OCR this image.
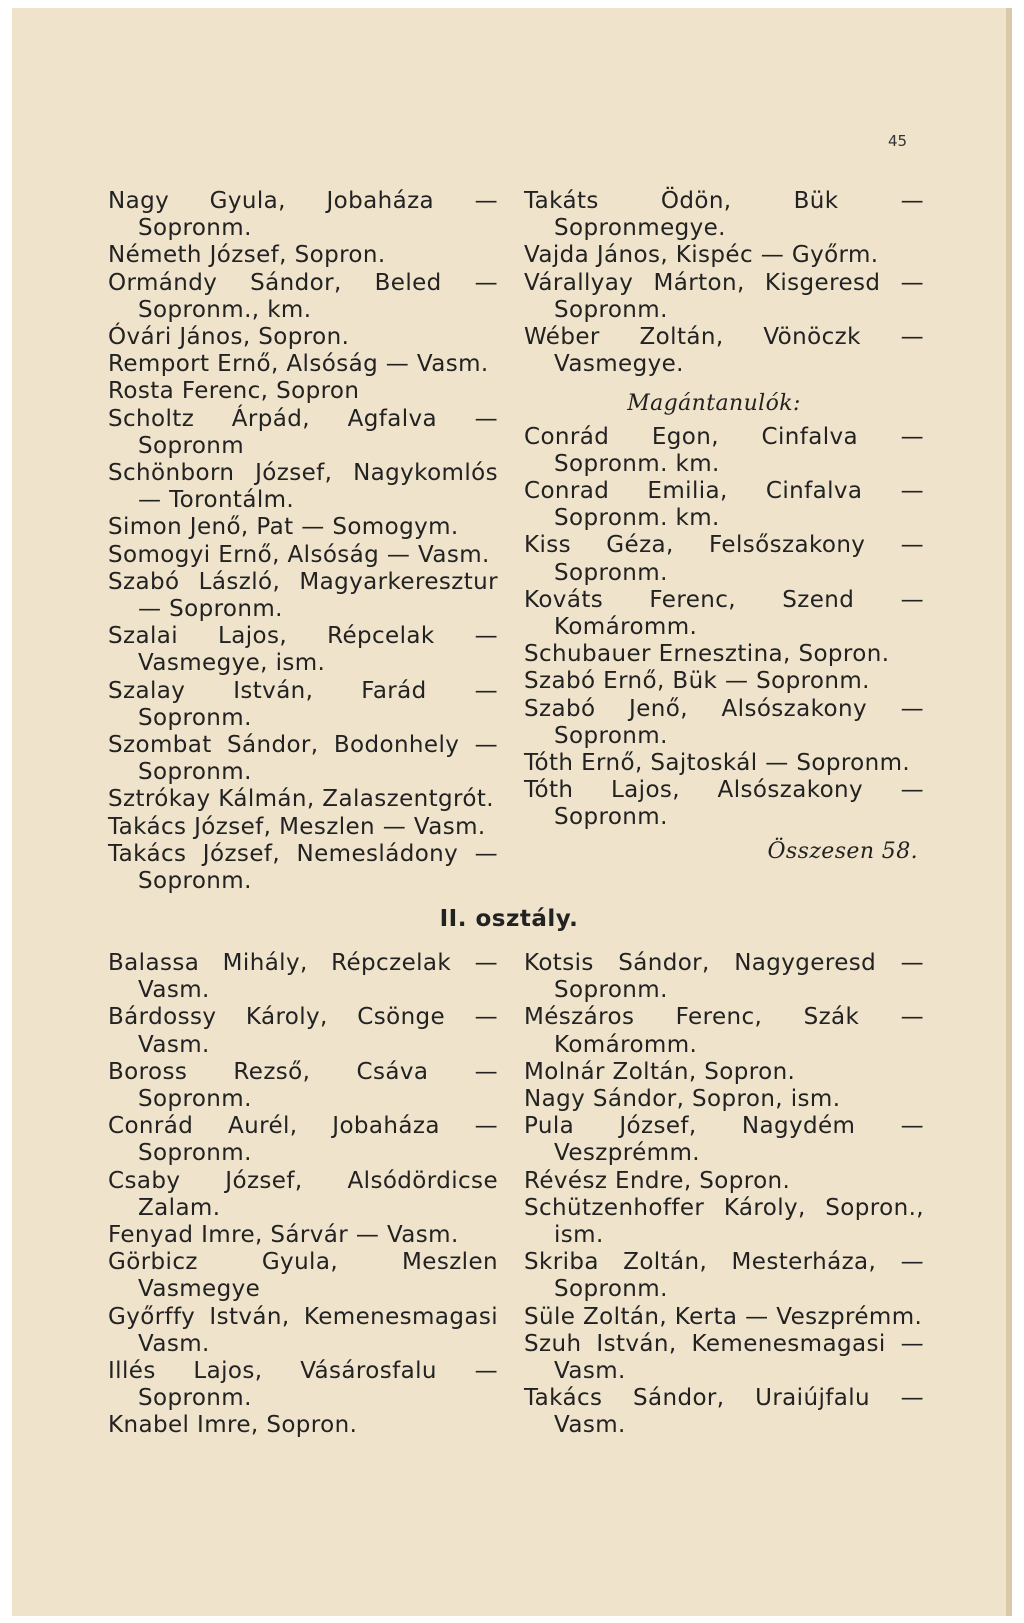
45
Nagy Gyula, Jobaháza — Sopronm.
Németh József, Sopron.
Ormándy Sándor, Beled — Sopronm., km.
Óvári János, Sopron.
Remport Ernő, Alsóság — Vasm.
Rosta Ferenc, Sopron
Scholtz Árpád, Agfalva — Sopronm
Schönborn József, Nagykomlós — Torontálm.
Simon Jenő, Pat — Somogym.
Somogyi Ernő, Alsóság — Vasm.
Szabó László, Magyarkeresztur — Sopronm.
Szalai Lajos, Répcelak — Vasmegye, ism.
Szalay István, Farád — Sopronm.
Szombat Sándor, Bodonhely — Sopronm.
Sztrókay Kálmán, Zalaszentgrót.
Takács József, Meszlen — Vasm.
Takács József, Nemesládony — Sopronm.
Takáts Ödön, Bük — Sopronmegye.
Vajda János, Kispéc — Győrm.
Várallyay Márton, Kisgeresd — Sopronm.
Wéber Zoltán, Vönöczk — Vasmegye.
Magántanulók:
Conrád Egon, Cinfalva — Sopronm. km.
Conrad Emilia, Cinfalva — Sopronm. km.
Kiss Géza, Felsőszakony — Sopronm.
Kováts Ferenc, Szend — Komáromm.
Schubauer Ernesztina, Sopron.
Szabó Ernő, Bük — Sopronm.
Szabó Jenő, Alsószakony — Sopronm.
Tóth Ernő, Sajtoskál — Sopronm.
Tóth Lajos, Alsószakony — Sopronm.
Összesen 58.
II. osztály.
Balassa Mihály, Répczelak — Vasm.
Bárdossy Károly, Csönge — Vasm.
Boross Rezső, Csáva — Sopronm.
Conrád Aurél, Jobaháza — Sopronm.
Csaby József, Alsódördicse Zalam.
Fenyad Imre, Sárvár — Vasm.
Görbicz Gyula, Meszlen Vasmegye
Győrffy István, Kemenesmagasi Vasm.
Illés Lajos, Vásárosfalu — Sopronm.
Knabel Imre, Sopron.
Kotsis Sándor, Nagygeresd — Sopronm.
Mészáros Ferenc, Szák — Komáromm.
Molnár Zoltán, Sopron.
Nagy Sándor, Sopron, ism.
Pula József, Nagydém — Veszprémm.
Révész Endre, Sopron.
Schützenhoffer Károly, Sopron., ism.
Skriba Zoltán, Mesterháza, — Sopronm.
Süle Zoltán, Kerta — Veszprémm.
Szuh István, Kemenesmagasi — Vasm.
Takács Sándor, Uraiújfalu — Vasm.
